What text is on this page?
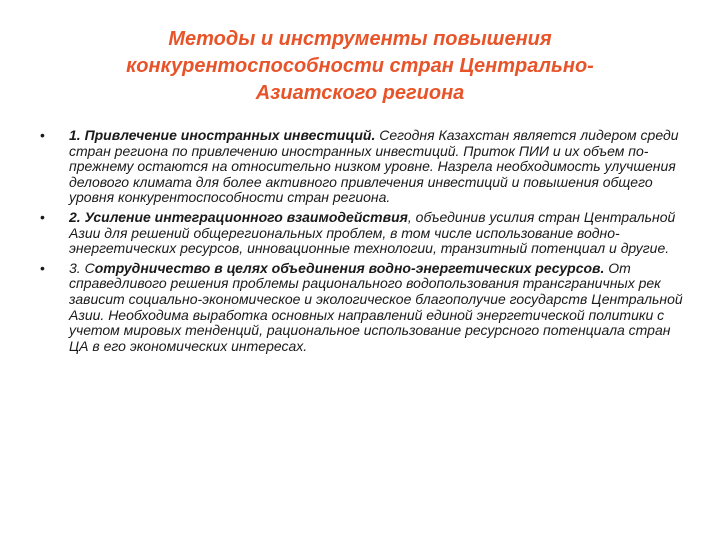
Методы и инструменты повышения
конкурентоспособности стран Центрально-
Азиатского региона
• 1. Привлечение иностранных инвестиций. Сегодня Казахстан является лидером среди стран региона по привлечению иностранных инвестиций. Приток ПИИ и их объем по-прежнему остаются на относительно низком уровне. Назрела необходимость улучшения делового климата для более активного привлечения инвестиций и повышения общего уровня конкурентоспособности стран региона.
• 2. Усиление интеграционного взаимодействия, объединив усилия стран Центральной Азии для решений общерегиональных проблем, в том числе использование водно-энергетических ресурсов, инновационные технологии, транзитный потенциал и другие.
• 3. Сотрудничество в целях объединения водно-энергетических ресурсов. От справедливого решения проблемы рационального водопользования трансграничных рек зависит социально-экономическое и экологическое благополучие государств Центральной Азии. Необходима выработка основных направлений единой энергетической политики с учетом мировых тенденций, рациональное использование ресурсного потенциала стран ЦА в его экономических интересах.
